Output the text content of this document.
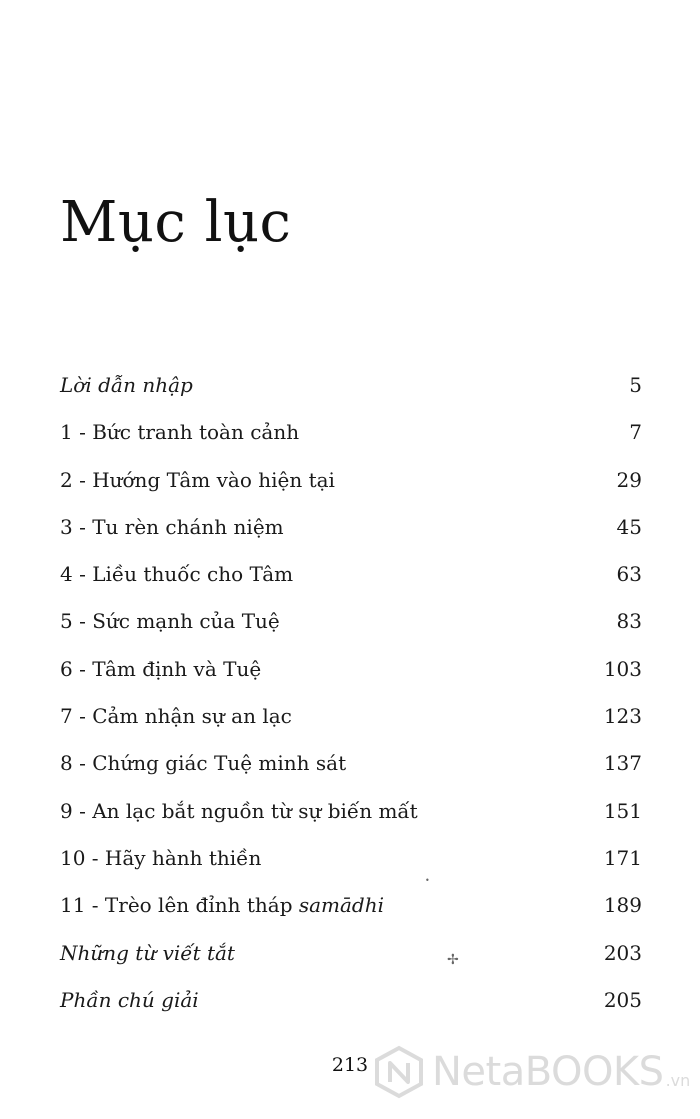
Mục lục
Lời dẫn nhập	5
1 - Bức tranh toàn cảnh	7
2 - Hướng Tâm vào hiện tại	29
3 - Tu rèn chánh niệm	45
4 - Liều thuốc cho Tâm	63
5 - Sức mạnh của Tuệ	83
6 - Tâm định và Tuệ	103
7 - Cảm nhận sự an lạc	123
8 - Chứng giác Tuệ minh sát	137
9 - An lạc bắt nguồn từ sự biến mất	151
10 - Hãy hành thiền	171
11 - Trèo lên đỉnh tháp samādhi	189
Những từ viết tắt	203
Phần chú giải	205
•
✢
213	NetaBOOKS .vn
